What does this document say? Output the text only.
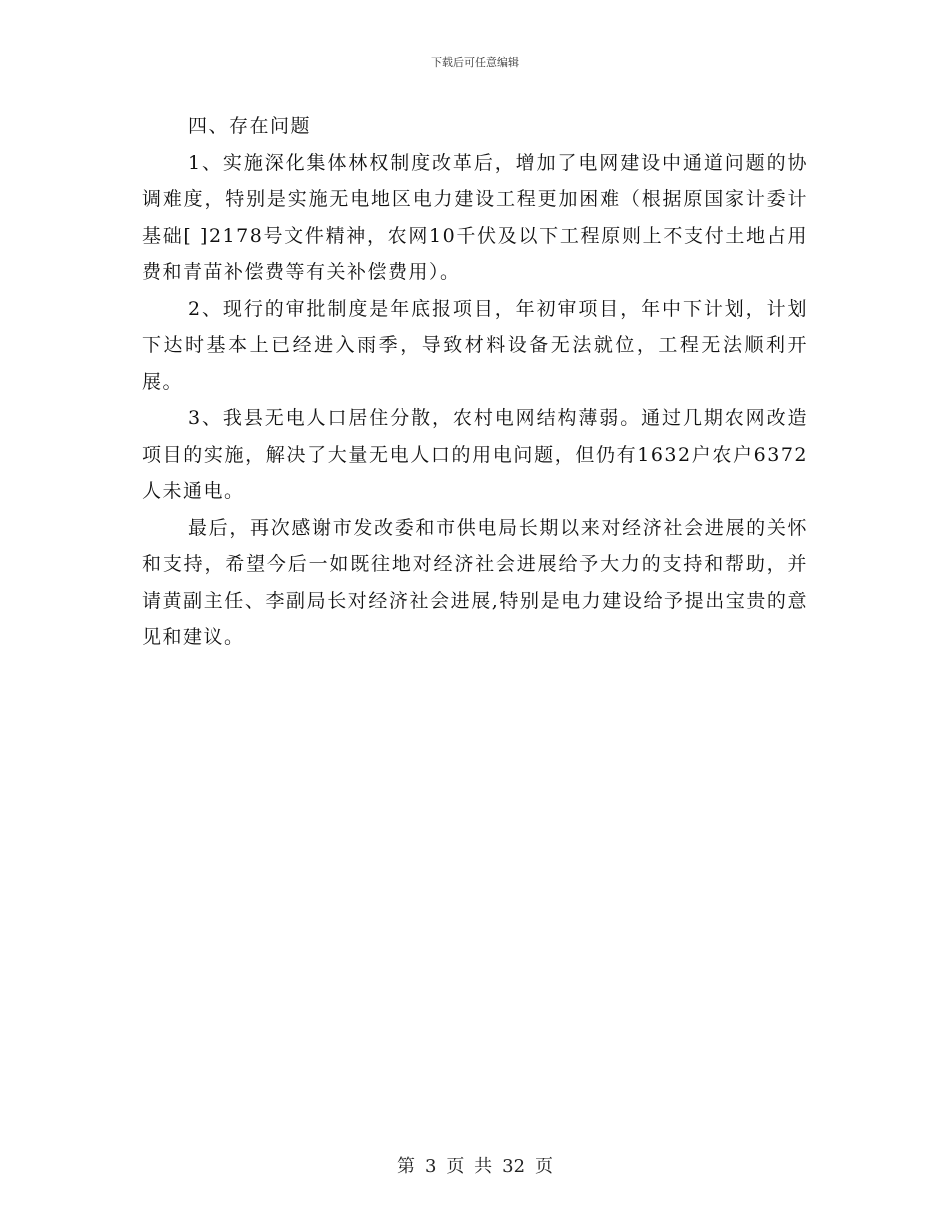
下载后可任意编辑
四、存在问题

1、实施深化集体林权制度改革后，增加了电网建设中通道问题的协调难度，特别是实施无电地区电力建设工程更加困难（根据原国家计委计基础[ ]2178号文件精神，农网10千伏及以下工程原则上不支付土地占用费和青苗补偿费等有关补偿费用）。

2、现行的审批制度是年底报项目，年初审项目，年中下计划，计划下达时基本上已经进入雨季，导致材料设备无法就位，工程无法顺利开展。

3、我县无电人口居住分散，农村电网结构薄弱。通过几期农网改造项目的实施，解决了大量无电人口的用电问题，但仍有1632户农户6372人未通电。

最后，再次感谢市发改委和市供电局长期以来对经济社会进展的关怀和支持，希望今后一如既往地对经济社会进展给予大力的支持和帮助，并请黄副主任、李副局长对经济社会进展,特别是电力建设给予提出宝贵的意见和建议。

第 3 页 共 32 页
